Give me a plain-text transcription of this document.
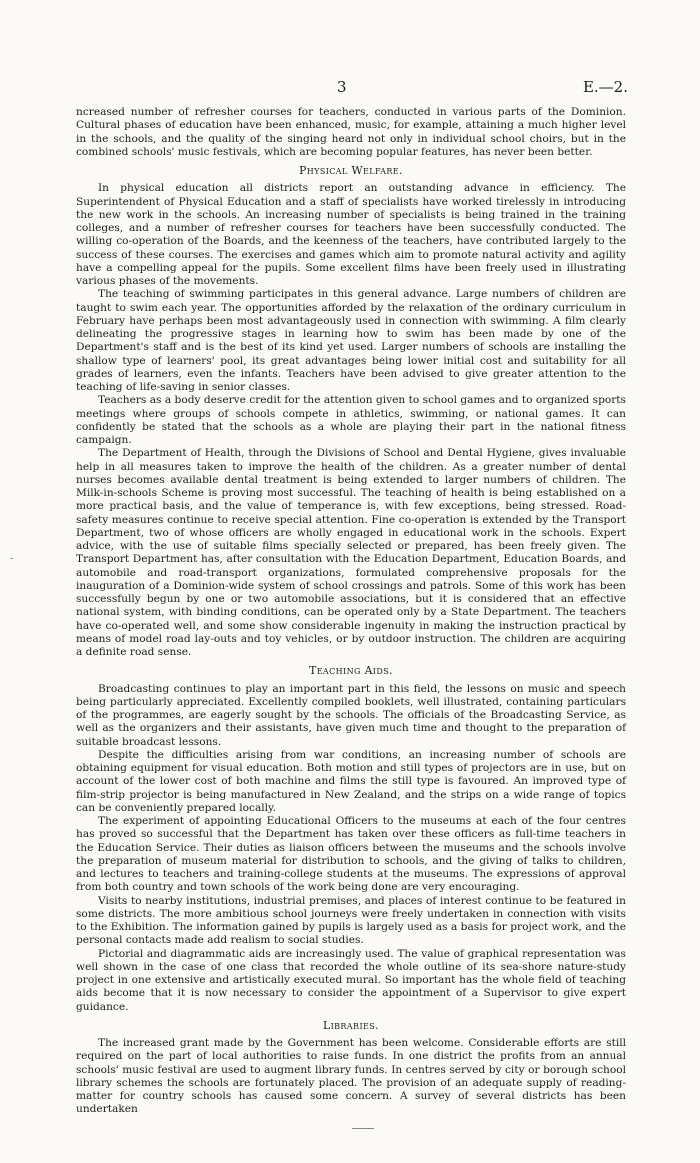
3	E.—2.
-

ncreased number of refresher courses for teachers, conducted in various parts of the Dominion. Cultural phases of education have been enhanced, music, for example, attaining a much higher level in the schools, and the quality of the singing heard not only in individual school choirs, but in the combined schools' music festivals, which are becoming popular features, has never been better.

Physical Welfare.

In physical education all districts report an outstanding advance in efficiency. The Superintendent of Physical Education and a staff of specialists have worked tirelessly in introducing the new work in the schools. An increasing number of specialists is being trained in the training colleges, and a number of refresher courses for teachers have been successfully conducted. The willing co-operation of the Boards, and the keenness of the teachers, have contributed largely to the success of these courses. The exercises and games which aim to promote natural activity and agility have a compelling appeal for the pupils. Some excellent films have been freely used in illustrating various phases of the movements.

The teaching of swimming participates in this general advance. Large numbers of children are taught to swim each year. The opportunities afforded by the relaxation of the ordinary curriculum in February have perhaps been most advantageously used in connection with swimming. A film clearly delineating the progressive stages in learning how to swim has been made by one of the Department's staff and is the best of its kind yet used. Larger numbers of schools are installing the shallow type of learners' pool, its great advantages being lower initial cost and suitability for all grades of learners, even the infants. Teachers have been advised to give greater attention to the teaching of life-saving in senior classes.

Teachers as a body deserve credit for the attention given to school games and to organized sports meetings where groups of schools compete in athletics, swimming, or national games. It can confidently be stated that the schools as a whole are playing their part in the national fitness campaign.

The Department of Health, through the Divisions of School and Dental Hygiene, gives invaluable help in all measures taken to improve the health of the children. As a greater number of dental nurses becomes available dental treatment is being extended to larger numbers of children. The Milk-in-schools Scheme is proving most successful. The teaching of health is being established on a more practical basis, and the value of temperance is, with few exceptions, being stressed. Road-safety measures continue to receive special attention. Fine co-operation is extended by the Transport Department, two of whose officers are wholly engaged in educational work in the schools. Expert advice, with the use of suitable films specially selected or prepared, has been freely given. The Transport Department has, after consultation with the Education Department, Education Boards, and automobile and road-transport organizations, formulated comprehensive proposals for the inauguration of a Dominion-wide system of school crossings and patrols. Some of this work has been successfully begun by one or two automobile associations, but it is considered that an effective national system, with binding conditions, can be operated only by a State Department. The teachers have co-operated well, and some show considerable ingenuity in making the instruction practical by means of model road lay-outs and toy vehicles, or by outdoor instruction. The children are acquiring a definite road sense.

Teaching Aids.

Broadcasting continues to play an important part in this field, the lessons on music and speech being particularly appreciated. Excellently compiled booklets, well illustrated, containing particulars of the programmes, are eagerly sought by the schools. The officials of the Broadcasting Service, as well as the organizers and their assistants, have given much time and thought to the preparation of suitable broadcast lessons.

Despite the difficulties arising from war conditions, an increasing number of schools are obtaining equipment for visual education. Both motion and still types of projectors are in use, but on account of the lower cost of both machine and films the still type is favoured. An improved type of film-strip projector is being manufactured in New Zealand, and the strips on a wide range of topics can be conveniently prepared locally.

The experiment of appointing Educational Officers to the museums at each of the four centres has proved so successful that the Department has taken over these officers as full-time teachers in the Education Service. Their duties as liaison officers between the museums and the schools involve the preparation of museum material for distribution to schools, and the giving of talks to children, and lectures to teachers and training-college students at the museums. The expressions of approval from both country and town schools of the work being done are very encouraging.

Visits to nearby institutions, industrial premises, and places of interest continue to be featured in some districts. The more ambitious school journeys were freely undertaken in connection with visits to the Exhibition. The information gained by pupils is largely used as a basis for project work, and the personal contacts made add realism to social studies.

Pictorial and diagrammatic aids are increasingly used. The value of graphical representation was well shown in the case of one class that recorded the whole outline of its sea-shore nature-study project in one extensive and artistically executed mural. So important has the whole field of teaching aids become that it is now necessary to consider the appointment of a Supervisor to give expert guidance.

Libraries.

The increased grant made by the Government has been welcome. Considerable efforts are still required on the part of local authorities to raise funds. In one district the profits from an annual schools' music festival are used to augment library funds. In centres served by city or borough school library schemes the schools are fortunately placed. The provision of an adequate supply of reading-matter for country schools has caused some concern. A survey of several districts has been undertaken
